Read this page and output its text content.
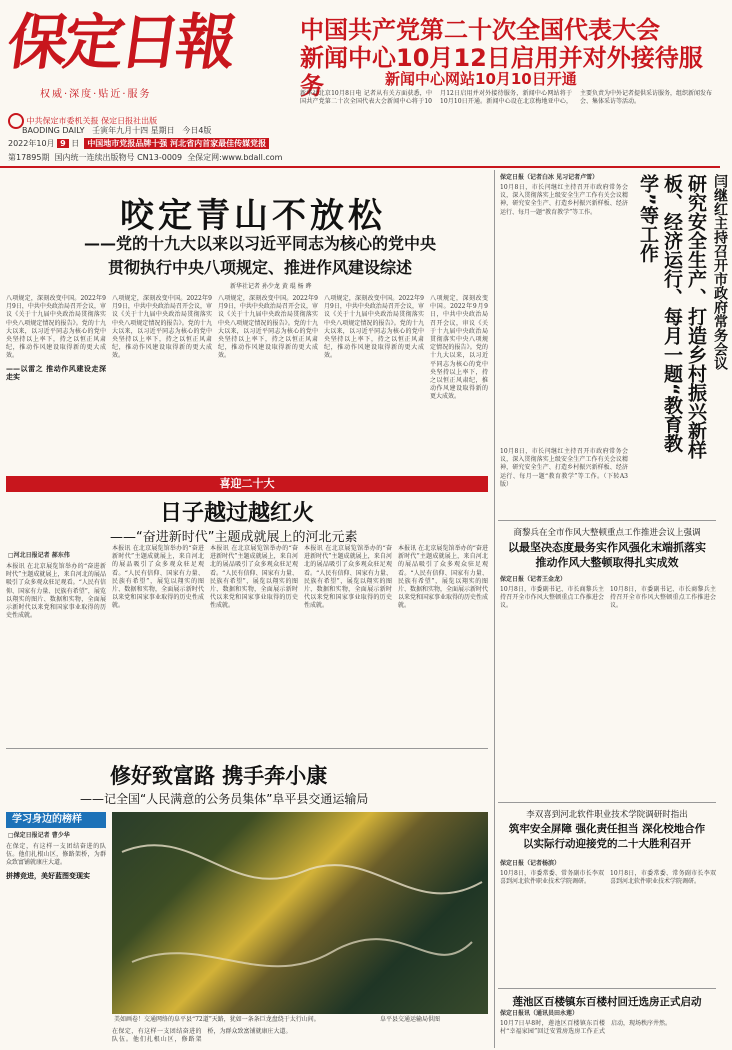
保定日報
权威·深度·贴近·服务
中共保定市委机关报 保定日报社出版
BAODING DAILY 壬寅年九月十四 星期日 今日4版
2022年10月 9 日 中国地市党报品牌十强 河北省内首家最佳传媒党报
第17895期 国内统一连续出版物号 CN13-0009 全保定网:www.bdall.com
中国共产党第二十次全国代表大会
新闻中心10月12日启用并对外接待服务	新闻中心网站10月10日开通
新华社北京10月8日电 记者从有关方面获悉，中国共产党第二十次全国代表大会新闻中心将于10月12日启用并对外接待服务，新闻中心网站将于10月10日开通。新闻中心设在北京梅地亚中心，主要负责为中外记者提供采访服务，组织新闻发布会、集体采访等活动。
咬定青山不放松
——党的十九大以来以习近平同志为核心的党中央
贯彻执行中央八项规定、推进作风建设综述
新华社记者 孙少龙 黄 琨 杨 晔
八项规定，深刻改变中国。2022年9月9日，中共中央政治局召开会议，审议《关于十九届中央政治局贯彻落实中央八项规定情况的报告》。党的十九大以来，以习近平同志为核心的党中央坚持以上率下，持之以恒正风肃纪，推动作风建设取得新的更大成效。
——以雷之 推动作风建设走深走实
八项规定，深刻改变中国。2022年9月9日，中共中央政治局召开会议，审议《关于十九届中央政治局贯彻落实中央八项规定情况的报告》。党的十九大以来，以习近平同志为核心的党中央坚持以上率下，持之以恒正风肃纪，推动作风建设取得新的更大成效。
八项规定，深刻改变中国。2022年9月9日，中共中央政治局召开会议，审议《关于十九届中央政治局贯彻落实中央八项规定情况的报告》。党的十九大以来，以习近平同志为核心的党中央坚持以上率下，持之以恒正风肃纪，推动作风建设取得新的更大成效。
八项规定，深刻改变中国。2022年9月9日，中共中央政治局召开会议，审议《关于十九届中央政治局贯彻落实中央八项规定情况的报告》。党的十九大以来，以习近平同志为核心的党中央坚持以上率下，持之以恒正风肃纪，推动作风建设取得新的更大成效。
八项规定，深刻改变中国。2022年9月9日，中共中央政治局召开会议，审议《关于十九届中央政治局贯彻落实中央八项规定情况的报告》。党的十九大以来，以习近平同志为核心的党中央坚持以上率下，持之以恒正风肃纪，推动作风建设取得新的更大成效。
喜迎二十大
日子越过越红火
——“奋进新时代”主题成就展上的河北元素
□河北日报记者 郝东伟
本报讯 在北京展览馆举办的“奋进新时代”主题成就展上，来自河北的展品吸引了众多观众驻足观看。“人民有信仰、国家有力量、民族有希望”，展览以翔实的图片、数据和实物，全面展示新时代以来党和国家事业取得的历史性成就。
本报讯 在北京展览馆举办的“奋进新时代”主题成就展上，来自河北的展品吸引了众多观众驻足观看。“人民有信仰、国家有力量、民族有希望”，展览以翔实的图片、数据和实物，全面展示新时代以来党和国家事业取得的历史性成就。
本报讯 在北京展览馆举办的“奋进新时代”主题成就展上，来自河北的展品吸引了众多观众驻足观看。“人民有信仰、国家有力量、民族有希望”，展览以翔实的图片、数据和实物，全面展示新时代以来党和国家事业取得的历史性成就。
本报讯 在北京展览馆举办的“奋进新时代”主题成就展上，来自河北的展品吸引了众多观众驻足观看。“人民有信仰、国家有力量、民族有希望”，展览以翔实的图片、数据和实物，全面展示新时代以来党和国家事业取得的历史性成就。
本报讯 在北京展览馆举办的“奋进新时代”主题成就展上，来自河北的展品吸引了众多观众驻足观看。“人民有信仰、国家有力量、民族有希望”，展览以翔实的图片、数据和实物，全面展示新时代以来党和国家事业取得的历史性成就。
修好致富路 携手奔小康
——记全国“人民满意的公务员集体”阜平县交通运输局
学习身边的榜样
□保定日报记者 曹少华
在保定，有这样一支团结奋进的队伍。他们扎根山区，修路架桥，为群众致富铺就康庄大道。
拼搏竞进，美好蓝图变现实
美如画卷！交通网络的阜平县“72道”天路，犹如一条条巨龙盘绕于太行山间。	阜平县交通运输局供图
在保定，有这样一支团结奋进的队伍。他们扎根山区，修路架桥，为群众致富铺就康庄大道。
保定日报（记者白冰 见习记者卢雪）
10月8日，市长闫继红主持召开市政府常务会议，深入贯彻落实上级安全生产工作有关会议精神，研究安全生产、打造乡村振兴新样板、经济运行、每月一题“教育教学”等工作。	闫继红主持召开市政府常务会议
研究安全生产、打造乡村振兴新样板、经济运行、每月一题“教育教学”等工作
10月8日，市长闫继红主持召开市政府常务会议，深入贯彻落实上级安全生产工作有关会议精神，研究安全生产、打造乡村振兴新样板、经济运行、每月一题“教育教学”等工作。（下转A3版）
商黎兵在全市作风大整顿重点工作推进会议上强调
以最坚决态度最务实作风强化末端抓落实
推动作风大整顿取得扎实成效
保定日报（记者王金龙）
10月8日，市委副书记、市长商黎兵主持召开全市作风大整顿重点工作推进会议。
10月8日，市委副书记、市长商黎兵主持召开全市作风大整顿重点工作推进会议。
李双喜到河北软件职业技术学院调研时指出
筑牢安全屏障 强化责任担当 深化校地合作
以实际行动迎接党的二十大胜利召开
保定日报（记者杨滨）
10月8日，市委常委、常务副市长李双喜到河北软件职业技术学院调研。
10月8日，市委常委、常务副市长李双喜到河北软件职业技术学院调研。
莲池区百楼镇东百楼村回迁选房正式启动
保定日报讯（通讯员田永莲）
10月7日早8时，莲池区百楼镇东百楼村“幸福家园”回迁安置房选房工作正式启动，现场秩序井然。
